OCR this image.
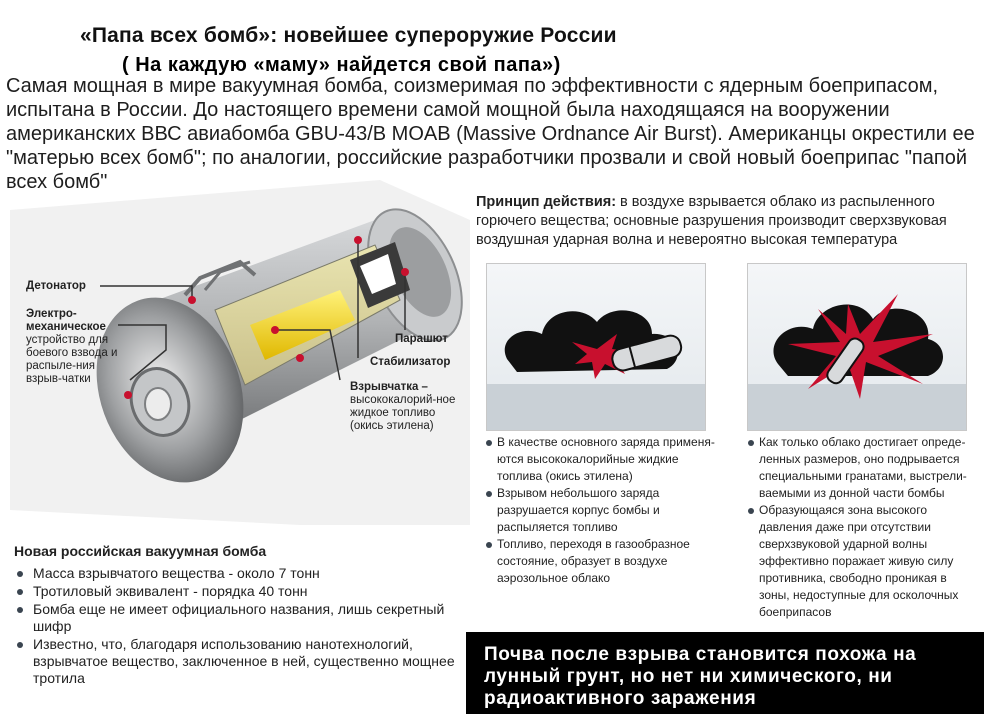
«Папа всех бомб»: новейшее супероружие России
( На каждую «маму» найдется свой папа»)

Самая мощная в мире вакуумная бомба, соизмеримая по эффективности с ядерным боеприпасом, испытана в России. До настоящего времени самой мощной была находящаяся на вооружении американских ВВС авиабомба GBU-43/B MOAB (Massive Ordnance Air Burst). Американцы окрестили ее "матерью всех бомб"; по аналогии, российские разработчики прозвали и свой новый боеприпас "папой всех бомб"

Детонатор
Электро-механическое
устройство для боевого взвода и распыле-ния взрыв-чатки
Парашют
Стабилизатор
Взрывчатка –
высококалорий-ное жидкое топливо (окись этилена)

Принцип действия: в воздухе взрывается облако из распыленного горючего вещества; основные разрушения производит сверхзвуковая воздушная ударная волна и невероятно высокая температура

В качестве основного заряда применя-ются высококалорийные жидкие топлива (окись этилена)
Взрывом небольшого заряда разрушается корпус бомбы и распыляется топливо
Топливо, переходя в газообразное состояние, образует в воздухе аэрозольное облако
Как только облако достигает опреде-ленных размеров, оно подрывается специальными гранатами, выстрели-ваемыми из донной части бомбы
Образующаяся зона высокого давления даже при отсутствии сверхзвуковой ударной волны эффективно поражает живую силу противника, свободно проникая в зоны, недоступные для осколочных боеприпасов
Новая российская вакуумная бомба
Масса взрывчатого вещества - около 7 тонн
Тротиловый эквивалент - порядка 40 тонн
Бомба еще не имеет официального названия, лишь секретный шифр
Известно, что, благодаря использованию нанотехнологий, взрывчатое вещество, заключенное в ней, существенно мощнее тротила

Почва после взрыва становится похожа на лунный грунт, но нет ни химического, ни радиоактивного заражения
